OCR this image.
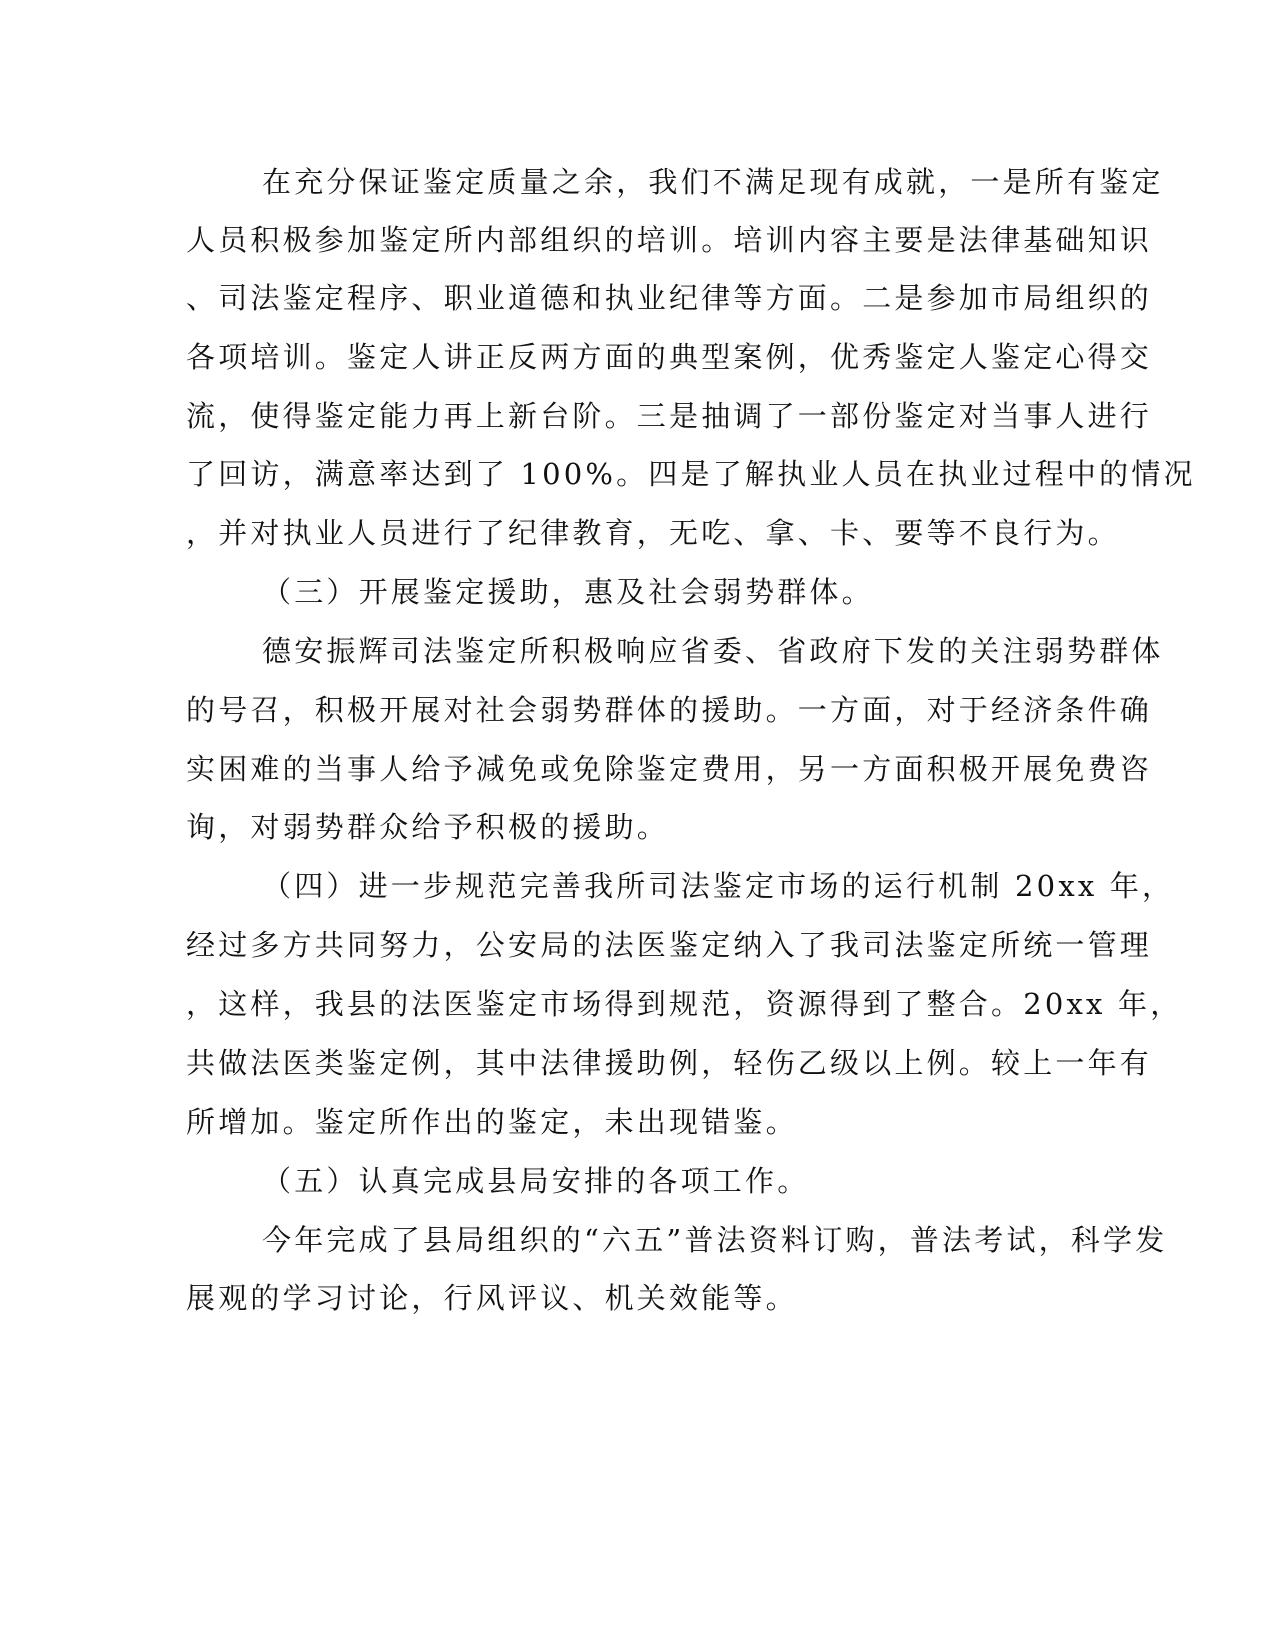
在充分保证鉴定质量之余，我们不满足现有成就，一是所有鉴定
人员积极参加鉴定所内部组织的培训。培训内容主要是法律基础知识
、司法鉴定程序、职业道德和执业纪律等方面。二是参加市局组织的
各项培训。鉴定人讲正反两方面的典型案例，优秀鉴定人鉴定心得交
流，使得鉴定能力再上新台阶。三是抽调了一部份鉴定对当事人进行
了回访，满意率达到了 100%。四是了解执业人员在执业过程中的情况
，并对执业人员进行了纪律教育，无吃、拿、卡、要等不良行为。
（三）开展鉴定援助，惠及社会弱势群体。
德安振辉司法鉴定所积极响应省委、省政府下发的关注弱势群体
的号召，积极开展对社会弱势群体的援助。一方面，对于经济条件确
实困难的当事人给予减免或免除鉴定费用，另一方面积极开展免费咨
询，对弱势群众给予积极的援助。
（四）进一步规范完善我所司法鉴定市场的运行机制 20xx 年，
经过多方共同努力，公安局的法医鉴定纳入了我司法鉴定所统一管理
，这样，我县的法医鉴定市场得到规范，资源得到了整合。20xx 年，
共做法医类鉴定例，其中法律援助例，轻伤乙级以上例。较上一年有
所增加。鉴定所作出的鉴定，未出现错鉴。
（五）认真完成县局安排的各项工作。
今年完成了县局组织的“六五”普法资料订购，普法考试，科学发
展观的学习讨论，行风评议、机关效能等。
